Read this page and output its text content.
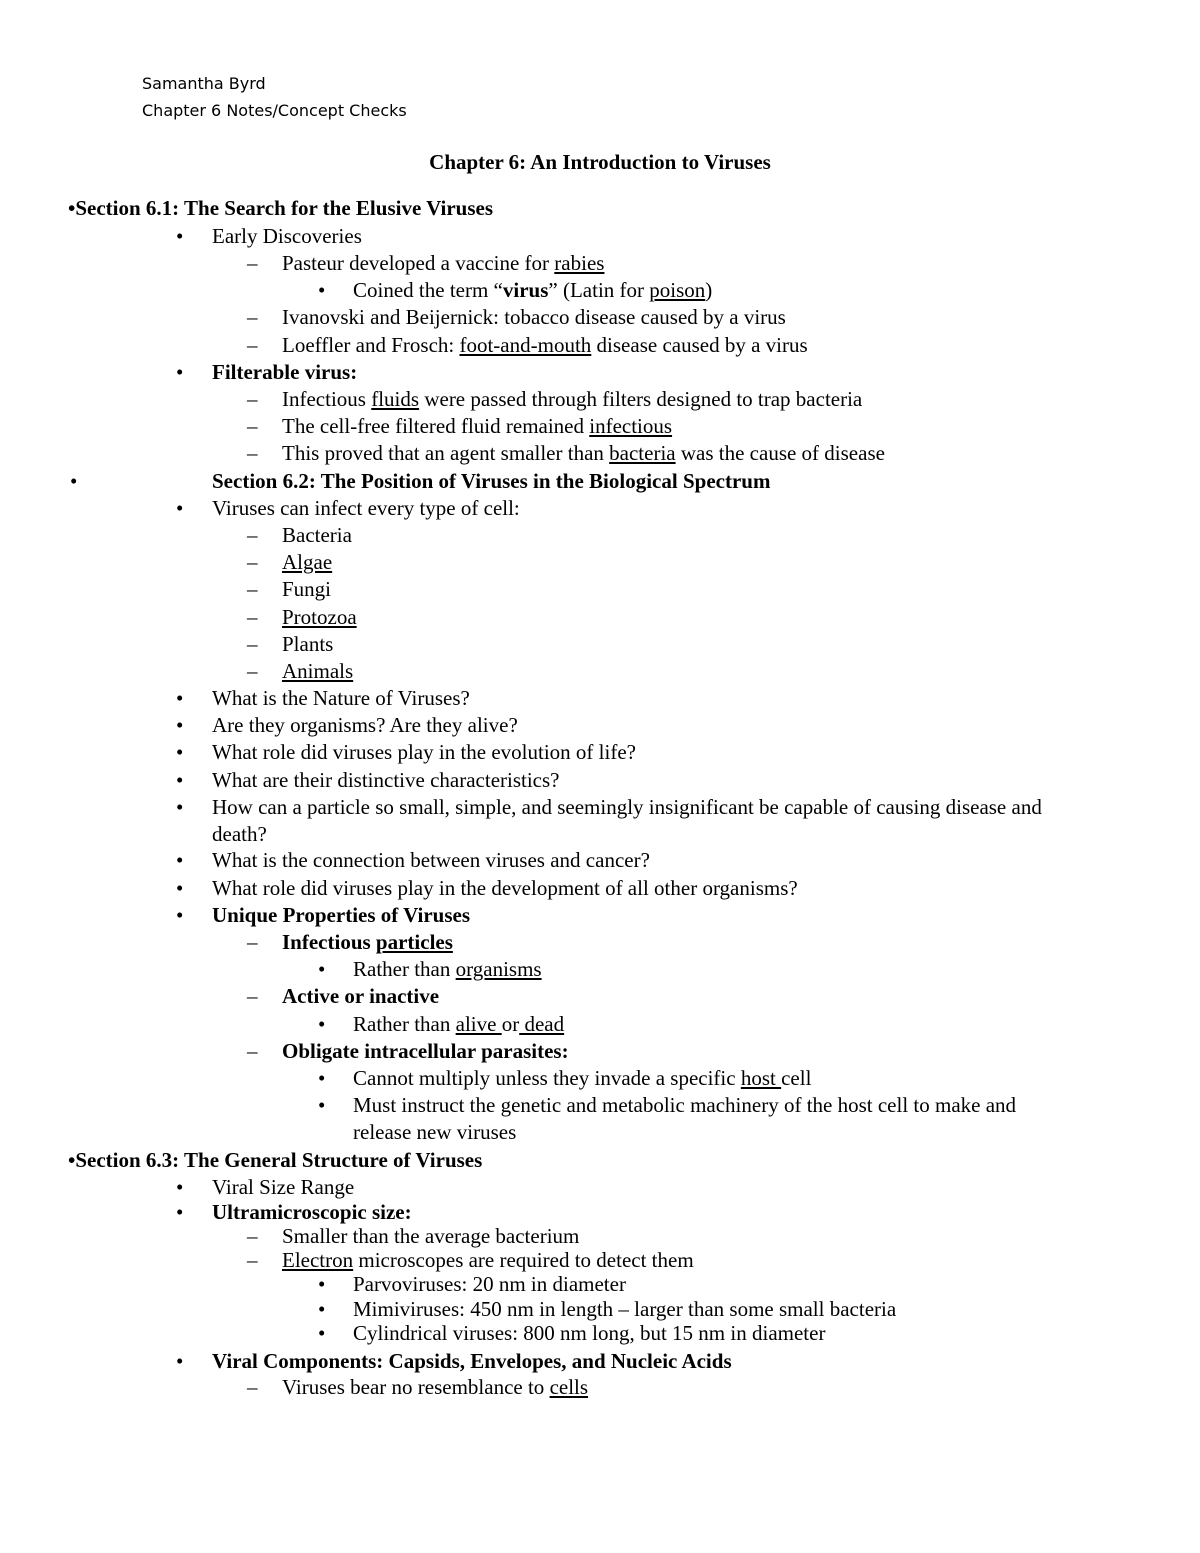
Samantha Byrd
Chapter 6 Notes/Concept Checks
Chapter 6: An Introduction to Viruses
•Section 6.1: The Search for the Elusive Viruses
• Early Discoveries
– Pasteur developed a vaccine for rabies
• Coined the term “virus” (Latin for poison)
– Ivanovski and Beijernick: tobacco disease caused by a virus
– Loeffler and Frosch: foot-and-mouth disease caused by a virus
• Filterable virus:
– Infectious fluids were passed through filters designed to trap bacteria
– The cell-free filtered fluid remained infectious
– This proved that an agent smaller than bacteria was the cause of disease
•	Section 6.2: The Position of Viruses in the Biological Spectrum
• Viruses can infect every type of cell:
– Bacteria
– Algae
– Fungi
– Protozoa
– Plants
– Animals
• What is the Nature of Viruses?
• Are they organisms? Are they alive?
• What role did viruses play in the evolution of life?
• What are their distinctive characteristics?
• How can a particle so small, simple, and seemingly insignificant be capable of causing disease and death?
• What is the connection between viruses and cancer?
• What role did viruses play in the development of all other organisms?
• Unique Properties of Viruses
– Infectious particles
• Rather than organisms
– Active or inactive
• Rather than alive or dead
– Obligate intracellular parasites:
• Cannot multiply unless they invade a specific host cell
• Must instruct the genetic and metabolic machinery of the host cell to make and release new viruses
•Section 6.3: The General Structure of Viruses
• Viral Size Range
• Ultramicroscopic size:
– Smaller than the average bacterium
– Electron microscopes are required to detect them
• Parvoviruses: 20 nm in diameter
• Mimiviruses: 450 nm in length – larger than some small bacteria
• Cylindrical viruses: 800 nm long, but 15 nm in diameter
• Viral Components: Capsids, Envelopes, and Nucleic Acids
– Viruses bear no resemblance to cells
